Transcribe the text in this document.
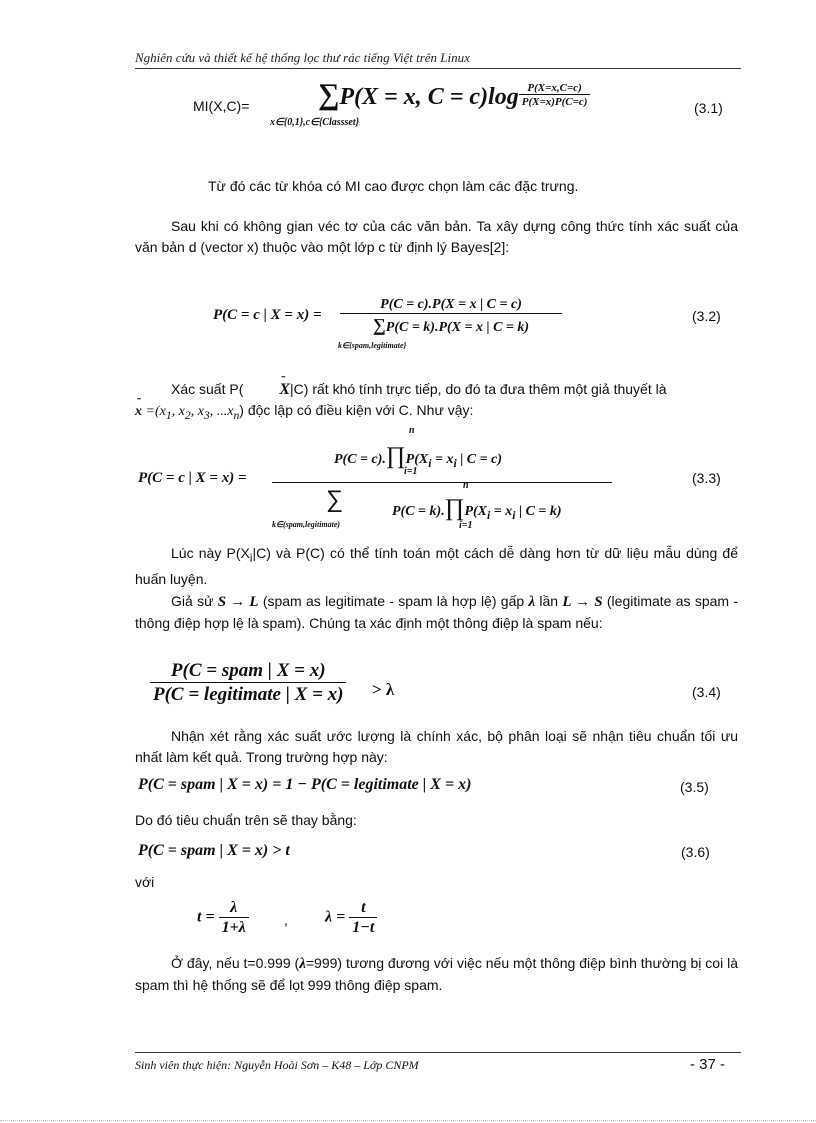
Nghiên cứu và thiết kế hệ thống lọc thư rác tiếng Việt trên Linux
MI(X,C)= ∑P(X = x, $C = c)\log \frac{P(X=x,C=c)}{P(X=x)P(C=c)}$
x∈{0,1},c∈{Classset}
(3.1)
Từ đó các từ khóa có MI cao được chọn làm các đặc trưng.
Sau khi có không gian véc tơ của các văn bản. Ta xây dựng công thức tính xác suất của văn bản d (vector x) thuộc vào một lớp c từ định lý Bayes[2]:
P(C = c | $X = x) = \frac{P(C = c).P(X = x | C = c)}{\sum P(C = k).P(X = x | C = k)}$
k∈{spam,legitimate}
(3.2)
Xác suất P(˜ X|C) rất khó tính trực tiếp, do đó ta đưa thêm một giả thuyết là
˜ $x =(x_1$, $x_2$, $x_3$, $...x_n$) độc lập có điều kiện với C. Như vậy:
P(C = c | X = x) =
$P(C = c).\prod P(X_i = x_i$ | C = c)
n
i=1
∑	$P(C = k).\prod P(X_i = x_i$ | C = k)
n
i=1
k∈(spam,legitimate)
(3.3)
Lúc này $P(X_i|C)$ và P(C) có thể tính toán một cách dễ dàng hơn từ dữ liệu mẫu dùng để huấn luyện.
Giả sử S → L (spam as legitimate - spam là hợp lệ) gấp λ lần L → S (legitimate as spam - thông điệp hợp lệ là spam). Chúng ta xác định một thông điệp là spam nếu:
$\frac{\text{P(C = spam | X = x)}}{\text{P(C = legitimate | X = x)}} > \lambda$	(3.4)
Nhận xét rằng xác suất ước lượng là chính xác, bộ phân loại sẽ nhận tiêu chuẩn tối ưu nhất làm kết quả. Trong trường hợp này:
P(C = spam | X = x) = 1 − P(C = legitimate | X = x)	(3.5)
Do đó tiêu chuẩn trên sẽ thay bằng:
P(C = spam | X = x) > t	(3.6)
với
$t = \frac{\lambda}{1+\lambda}$	, $\lambda = \frac{t}{1-t}$
Ở đây, nếu t=0.999 (λ=999) tương đương với việc nếu một thông điệp bình thường bị coi là spam thì hệ thống sẽ để lọt 999 thông điệp spam.
Sinh viên thực hiện: Nguyễn Hoài Sơn – K48 – Lớp CNPM	- 37 -
